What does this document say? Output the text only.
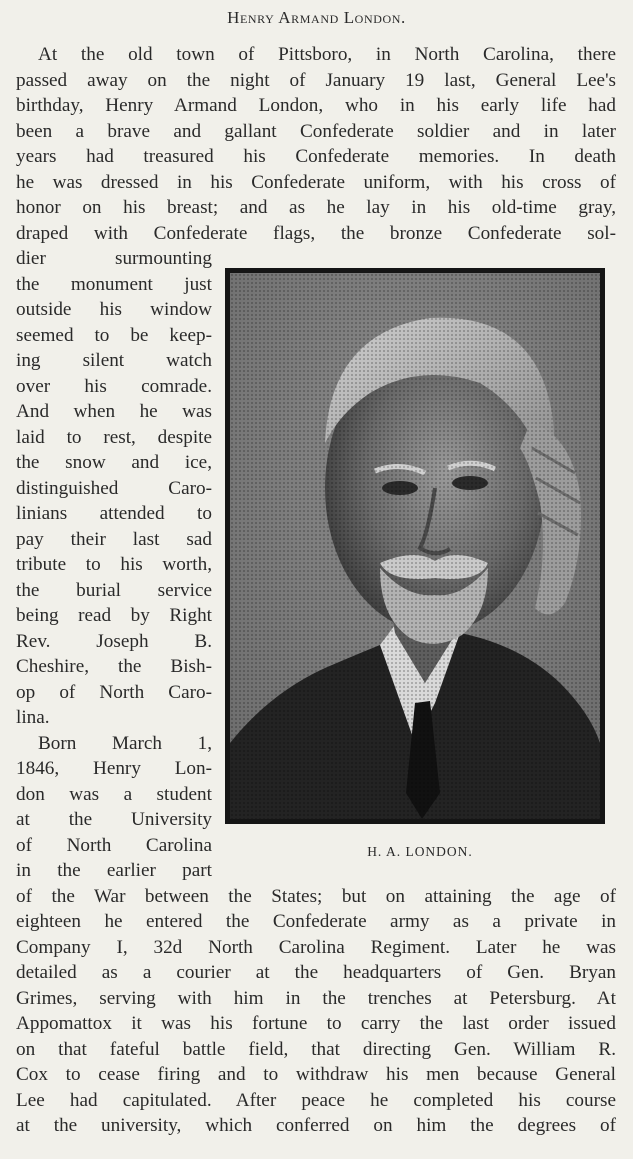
Henry Armand London.
At the old town of Pittsboro, in North Carolina, there
passed away on the night of January 19 last, General Lee's
birthday, Henry Armand London, who in his early life had
been a brave and gallant Confederate soldier and in later
years had treasured his Confederate memories. In death
he was dressed in his Confederate uniform, with his cross of
honor on his breast; and as he lay in his old-time gray,
draped with Confederate flags, the bronze Confederate sol-
dier surmounting
the monument just
outside his window
seemed to be keep-
ing silent watch
over his comrade.
And when he was
laid to rest, despite
the snow and ice,
distinguished Caro-
linians attended to
pay their last sad
tribute to his worth,
the burial service
being read by Right
Rev. Joseph B.
Cheshire, the Bish-
op of North Caro-
lina.
Born March 1,
1846, Henry Lon-
don was a student
at the University
of North Carolina
in the earlier part
of the War between the States; but on attaining the age of
eighteen he entered the Confederate army as a private in
Company I, 32d North Carolina Regiment. Later he was
detailed as a courier at the headquarters of Gen. Bryan
Grimes, serving with him in the trenches at Petersburg. At
Appomattox it was his fortune to carry the last order issued
on that fateful battle field, that directing Gen. William R.
Cox to cease firing and to withdraw his men because General
Lee had capitulated. After peace he completed his course
at the university, which conferred on him the degrees of
H. A. LONDON.
